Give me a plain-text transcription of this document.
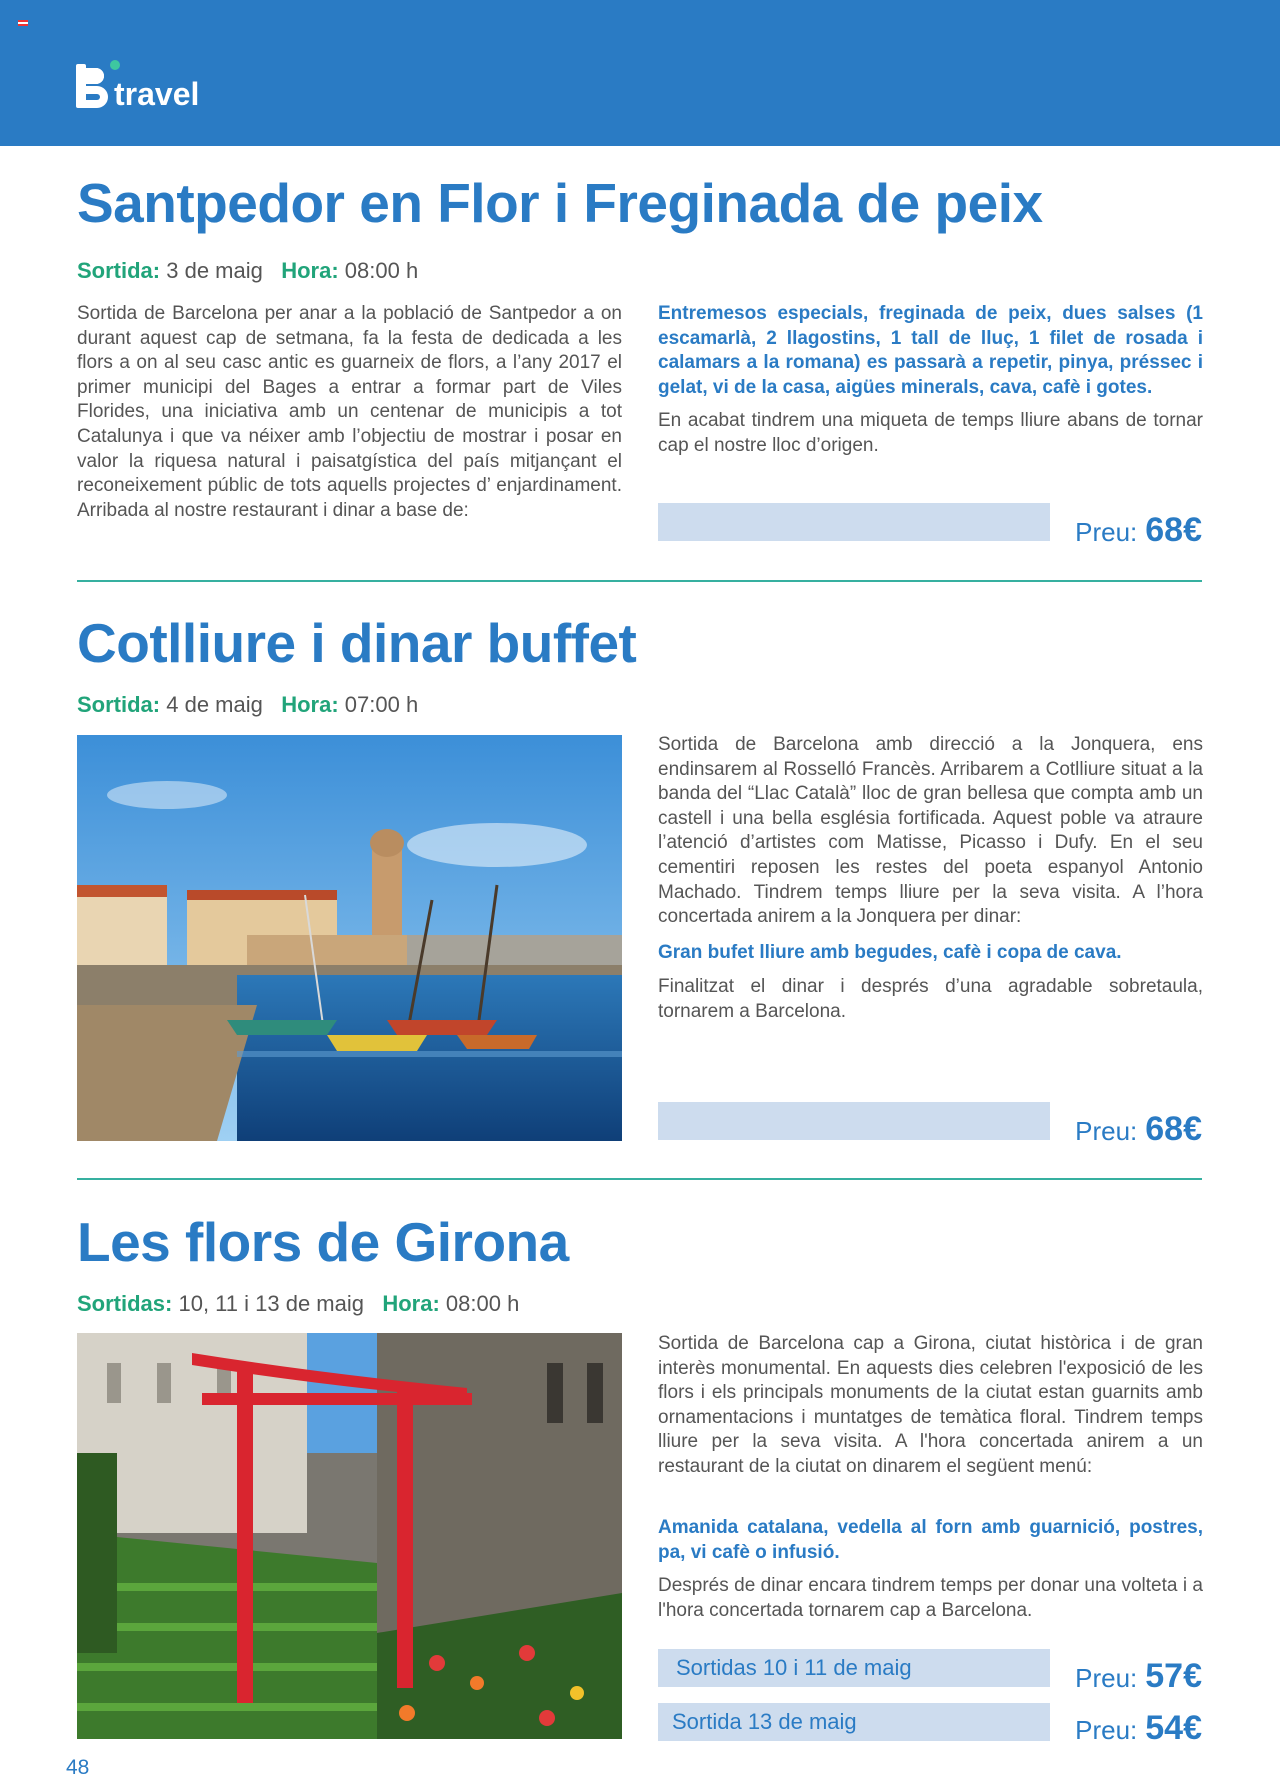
travel
Santpedor en Flor i Freginada de peix
Sortida: 3 de maig Hora: 08:00 h

Sortida de Barcelona per anar a la població de Santpedor a on durant aquest cap de setmana, fa la festa de dedicada a les flors a on al seu casc antic es guarneix de flors, a l’any 2017 el primer municipi del Bages a entrar a formar part de Viles Florides, una iniciativa amb un centenar de municipis a tot Catalunya i que va néixer amb l’objectiu de mostrar i posar en valor la riquesa natural i paisatgística del país mitjançant el reconeixement públic de tots aquells projectes d’ enjardinament. Arribada al nostre restaurant i dinar a base de:

Entremesos especials, freginada de peix, dues salses (1 escamarlà, 2 llagostins, 1 tall de lluç, 1 filet de rosada i calamars a la romana) es passarà a repetir, pinya, préssec i gelat, vi de la casa, aigües minerals, cava, cafè i gotes.

En acabat tindrem una miqueta de temps lliure abans de tornar cap el nostre lloc d’origen.

Preu: 68€
Cotlliure i dinar buffet
Sortida: 4 de maig Hora: 07:00 h

Sortida de Barcelona amb direcció a la Jonquera, ens endinsarem al Rosselló Francès. Arribarem a Cotlliure situat a la banda del “Llac Català” lloc de gran bellesa que compta amb un castell i una bella església fortificada. Aquest poble va atraure l’atenció d’artistes com Matisse, Picasso i Dufy. En el seu cementiri reposen les restes del poeta espanyol Antonio Machado. Tindrem temps lliure per la seva visita. A l’hora concertada anirem a la Jonquera per dinar:

Gran bufet lliure amb begudes, cafè i copa de cava.

Finalitzat el dinar i després d’una agradable sobretaula, tornarem a Barcelona.

Preu: 68€
Les flors de Girona
Sortidas: 10, 11 i 13 de maig Hora: 08:00 h

Sortida de Barcelona cap a Girona, ciutat històrica i de gran interès monumental. En aquests dies celebren l'exposició de les flors i els principals monuments de la ciutat estan guarnits amb ornamentacions i muntatges de temàtica floral. Tindrem temps lliure per la seva visita. A l'hora concertada anirem a un restaurant de la ciutat on dinarem el següent menú:

Amanida catalana, vedella al forn amb guarnició, postres, pa, vi cafè o infusió.

Després de dinar encara tindrem temps per donar una volteta i a l'hora concertada tornarem cap a Barcelona.

Sortidas 10 i 11 de maig	Preu: 57€
Sortida 13 de maig	Preu: 54€
48
